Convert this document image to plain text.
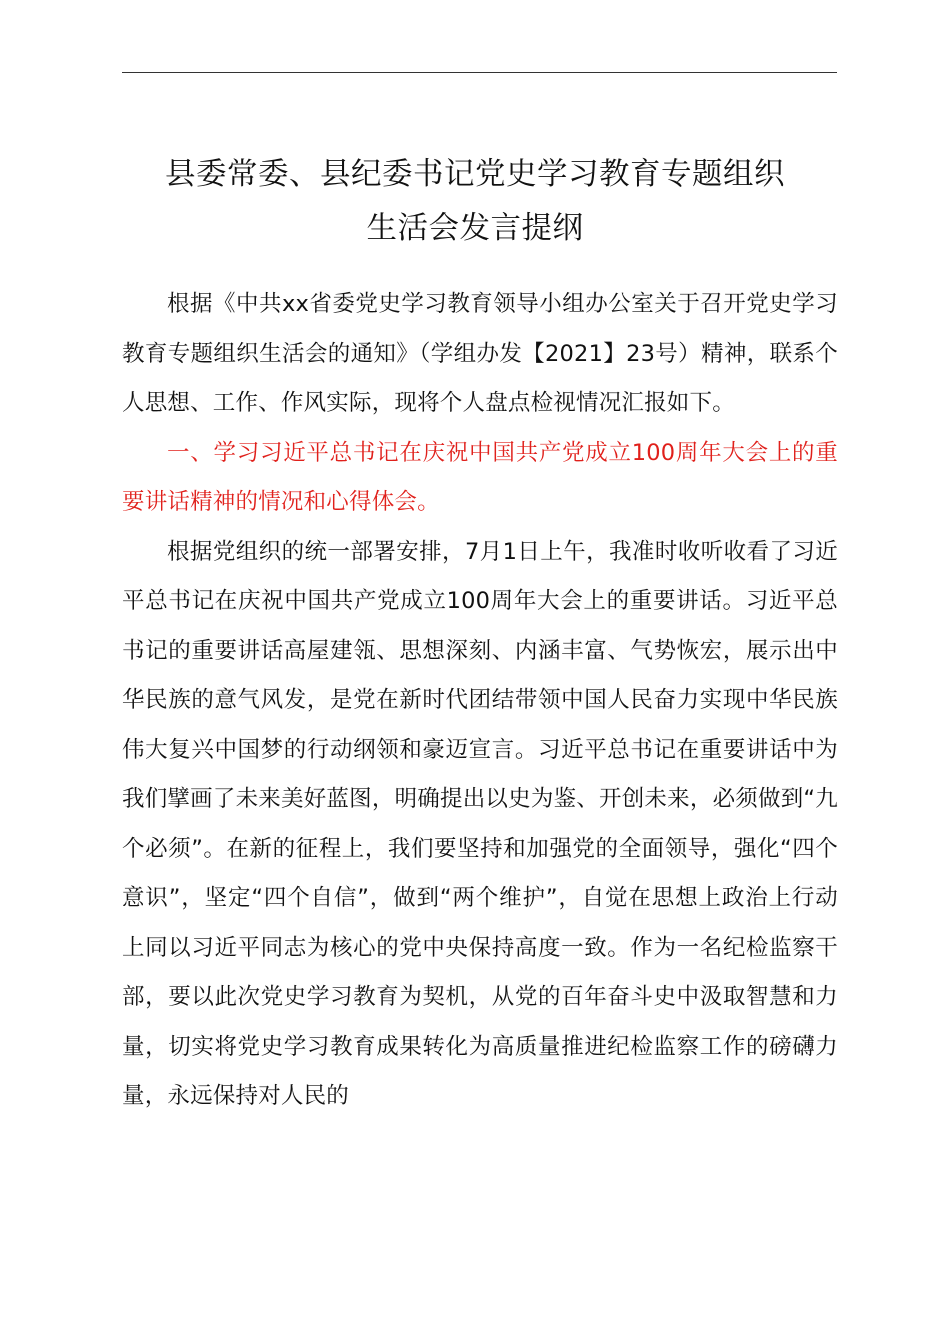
县委常委、县纪委书记党史学习教育专题组织
生活会发言提纲

根据《中共xx省委党史学习教育领导小组办公室关于召开党史学习教育专题组织生活会的通知》（学组办发【2021】23号）精神，联系个人思想、工作、作风实际，现将个人盘点检视情况汇报如下。

一、学习习近平总书记在庆祝中国共产党成立100周年大会上的重要讲话精神的情况和心得体会。

根据党组织的统一部署安排，7月1日上午，我准时收听收看了习近平总书记在庆祝中国共产党成立100周年大会上的重要讲话。习近平总书记的重要讲话高屋建瓴、思想深刻、内涵丰富、气势恢宏，展示出中华民族的意气风发，是党在新时代团结带领中国人民奋力实现中华民族伟大复兴中国梦的行动纲领和豪迈宣言。习近平总书记在重要讲话中为我们擘画了未来美好蓝图，明确提出以史为鉴、开创未来，必须做到“九个必须”。在新的征程上，我们要坚持和加强党的全面领导，强化“四个意识”，坚定“四个自信”，做到“两个维护”，自觉在思想上政治上行动上同以习近平同志为核心的党中央保持高度一致。作为一名纪检监察干部，要以此次党史学习教育为契机，从党的百年奋斗史中汲取智慧和力量，切实将党史学习教育成果转化为高质量推进纪检监察工作的磅礴力量，永远保持对人民的
